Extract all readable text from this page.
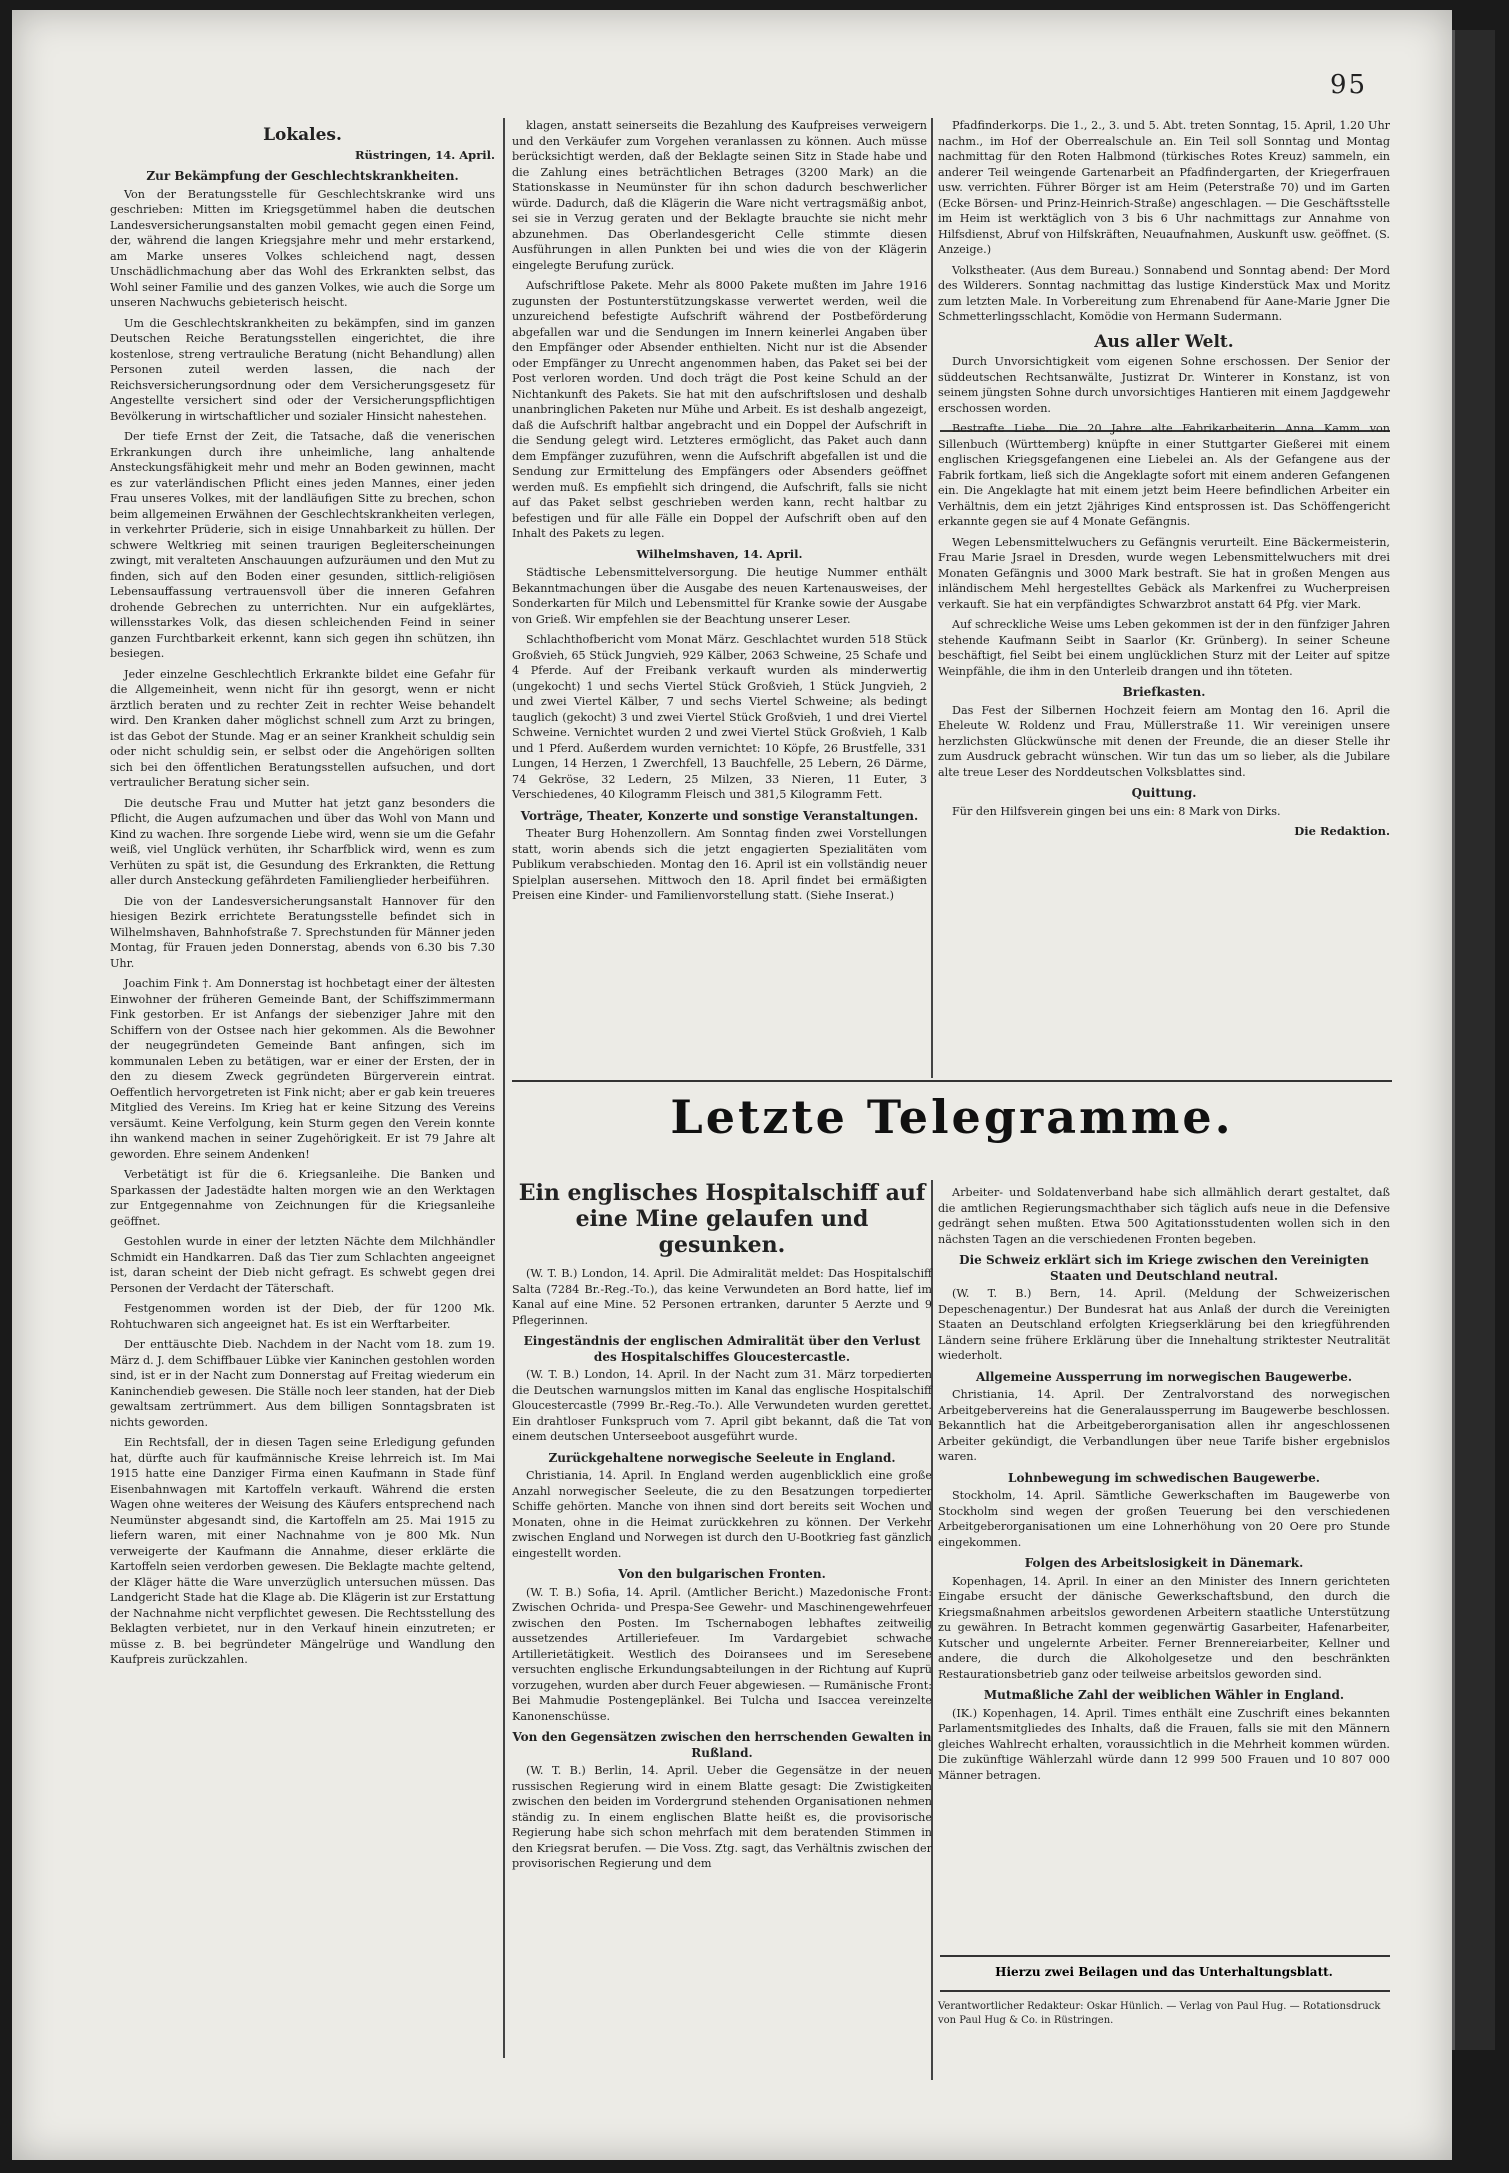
95
Lokales.
Rüstringen, 14. April.
Zur Bekämpfung der Geschlechtskrankheiten.

Von der Beratungsstelle für Geschlechtskranke wird uns geschrieben: Mitten im Kriegsgetümmel haben die deutschen Landesversicherungsanstalten mobil gemacht gegen einen Feind, der, während die langen Kriegsjahre mehr und mehr erstarkend, am Marke unseres Volkes schleichend nagt, dessen Unschädlichmachung aber das Wohl des Erkrankten selbst, das Wohl seiner Familie und des ganzen Volkes, wie auch die Sorge um unseren Nachwuchs gebieterisch heischt.

Um die Geschlechtskrankheiten zu bekämpfen, sind im ganzen Deutschen Reiche Beratungsstellen eingerichtet, die ihre kostenlose, streng vertrauliche Beratung (nicht Behandlung) allen Personen zuteil werden lassen, die nach der Reichsversicherungsordnung oder dem Versicherungsgesetz für Angestellte versichert sind oder der Versicherungspflichtigen Bevölkerung in wirtschaftlicher und sozialer Hinsicht nahestehen.

Der tiefe Ernst der Zeit, die Tatsache, daß die venerischen Erkrankungen durch ihre unheimliche, lang anhaltende Ansteckungsfähigkeit mehr und mehr an Boden gewinnen, macht es zur vaterländischen Pflicht eines jeden Mannes, einer jeden Frau unseres Volkes, mit der landläufigen Sitte zu brechen, schon beim allgemeinen Erwähnen der Geschlechtskrankheiten verlegen, in verkehrter Prüderie, sich in eisige Unnahbarkeit zu hüllen. Der schwere Weltkrieg mit seinen traurigen Begleiterscheinungen zwingt, mit veralteten Anschauungen aufzuräumen und den Mut zu finden, sich auf den Boden einer gesunden, sittlich-religiösen Lebensauffassung vertrauensvoll über die inneren Gefahren drohende Gebrechen zu unterrichten. Nur ein aufgeklärtes, willensstarkes Volk, das diesen schleichenden Feind in seiner ganzen Furchtbarkeit erkennt, kann sich gegen ihn schützen, ihn besiegen.

Jeder einzelne Geschlechtlich Erkrankte bildet eine Gefahr für die Allgemeinheit, wenn nicht für ihn gesorgt, wenn er nicht ärztlich beraten und zu rechter Zeit in rechter Weise behandelt wird. Den Kranken daher möglichst schnell zum Arzt zu bringen, ist das Gebot der Stunde. Mag er an seiner Krankheit schuldig sein oder nicht schuldig sein, er selbst oder die Angehörigen sollten sich bei den öffentlichen Beratungsstellen aufsuchen, und dort vertraulicher Beratung sicher sein.

Die deutsche Frau und Mutter hat jetzt ganz besonders die Pflicht, die Augen aufzumachen und über das Wohl von Mann und Kind zu wachen. Ihre sorgende Liebe wird, wenn sie um die Gefahr weiß, viel Unglück verhüten, ihr Scharfblick wird, wenn es zum Verhüten zu spät ist, die Gesundung des Erkrankten, die Rettung aller durch Ansteckung gefährdeten Familienglieder herbeiführen.

Die von der Landesversicherungsanstalt Hannover für den hiesigen Bezirk errichtete Beratungsstelle befindet sich in Wilhelmshaven, Bahnhofstraße 7. Sprechstunden für Männer jeden Montag, für Frauen jeden Donnerstag, abends von 6.30 bis 7.30 Uhr.

Joachim Fink †. Am Donnerstag ist hochbetagt einer der ältesten Einwohner der früheren Gemeinde Bant, der Schiffszimmermann Fink gestorben. Er ist Anfangs der siebenziger Jahre mit den Schiffern von der Ostsee nach hier gekommen. Als die Bewohner der neugegründeten Gemeinde Bant anfingen, sich im kommunalen Leben zu betätigen, war er einer der Ersten, der in den zu diesem Zweck gegründeten Bürgerverein eintrat. Oeffentlich hervorgetreten ist Fink nicht; aber er gab kein treueres Mitglied des Vereins. Im Krieg hat er keine Sitzung des Vereins versäumt. Keine Verfolgung, kein Sturm gegen den Verein konnte ihn wankend machen in seiner Zugehörigkeit. Er ist 79 Jahre alt geworden. Ehre seinem Andenken!

Verbetätigt ist für die 6. Kriegsanleihe. Die Banken und Sparkassen der Jadestädte halten morgen wie an den Werktagen zur Entgegennahme von Zeichnungen für die Kriegsanleihe geöffnet.

Gestohlen wurde in einer der letzten Nächte dem Milchhändler Schmidt ein Handkarren. Daß das Tier zum Schlachten angeeignet ist, daran scheint der Dieb nicht gefragt. Es schwebt gegen drei Personen der Verdacht der Täterschaft.

Festgenommen worden ist der Dieb, der für 1200 Mk. Rohtuchwaren sich angeeignet hat. Es ist ein Werftarbeiter.

Der enttäuschte Dieb. Nachdem in der Nacht vom 18. zum 19. März d. J. dem Schiffbauer Lübke vier Kaninchen gestohlen worden sind, ist er in der Nacht zum Donnerstag auf Freitag wiederum ein Kaninchendieb gewesen. Die Ställe noch leer standen, hat der Dieb gewaltsam zertrümmert. Aus dem billigen Sonntagsbraten ist nichts geworden.

Ein Rechtsfall, der in diesen Tagen seine Erledigung gefunden hat, dürfte auch für kaufmännische Kreise lehrreich ist. Im Mai 1915 hatte eine Danziger Firma einen Kaufmann in Stade fünf Eisenbahnwagen mit Kartoffeln verkauft. Während die ersten Wagen ohne weiteres der Weisung des Käufers entsprechend nach Neumünster abgesandt sind, die Kartoffeln am 25. Mai 1915 zu liefern waren, mit einer Nachnahme von je 800 Mk. Nun verweigerte der Kaufmann die Annahme, dieser erklärte die Kartoffeln seien verdorben gewesen. Die Beklagte machte geltend, der Kläger hätte die Ware unverzüglich untersuchen müssen. Das Landgericht Stade hat die Klage ab. Die Klägerin ist zur Erstattung der Nachnahme nicht verpflichtet gewesen. Die Rechtsstellung des Beklagten verbietet, nur in den Verkauf hinein einzutreten; er müsse z. B. bei begründeter Mängelrüge und Wandlung den Kaufpreis zurückzahlen.

klagen, anstatt seinerseits die Bezahlung des Kaufpreises verweigern und den Verkäufer zum Vorgehen veranlassen zu können. Auch müsse berücksichtigt werden, daß der Beklagte seinen Sitz in Stade habe und die Zahlung eines beträchtlichen Betrages (3200 Mark) an die Stationskasse in Neumünster für ihn schon dadurch beschwerlicher würde. Dadurch, daß die Klägerin die Ware nicht vertragsmäßig anbot, sei sie in Verzug geraten und der Beklagte brauchte sie nicht mehr abzunehmen. Das Oberlandesgericht Celle stimmte diesen Ausführungen in allen Punkten bei und wies die von der Klägerin eingelegte Berufung zurück.

Aufschriftlose Pakete. Mehr als 8000 Pakete mußten im Jahre 1916 zugunsten der Postunterstützungskasse verwertet werden, weil die unzureichend befestigte Aufschrift während der Postbeförderung abgefallen war und die Sendungen im Innern keinerlei Angaben über den Empfänger oder Absender enthielten. Nicht nur ist die Absender oder Empfänger zu Unrecht angenommen haben, das Paket sei bei der Post verloren worden. Und doch trägt die Post keine Schuld an der Nichtankunft des Pakets. Sie hat mit den aufschriftslosen und deshalb unanbringlichen Paketen nur Mühe und Arbeit. Es ist deshalb angezeigt, daß die Aufschrift haltbar angebracht und ein Doppel der Aufschrift in die Sendung gelegt wird. Letzteres ermöglicht, das Paket auch dann dem Empfänger zuzuführen, wenn die Aufschrift abgefallen ist und die Sendung zur Ermittelung des Empfängers oder Absenders geöffnet werden muß. Es empfiehlt sich dringend, die Aufschrift, falls sie nicht auf das Paket selbst geschrieben werden kann, recht haltbar zu befestigen und für alle Fälle ein Doppel der Aufschrift oben auf den Inhalt des Pakets zu legen.

Wilhelmshaven, 14. April.

Städtische Lebensmittelversorgung. Die heutige Nummer enthält Bekanntmachungen über die Ausgabe des neuen Kartenausweises, der Sonderkarten für Milch und Lebensmittel für Kranke sowie der Ausgabe von Grieß. Wir empfehlen sie der Beachtung unserer Leser.

Schlachthofbericht vom Monat März. Geschlachtet wurden 518 Stück Großvieh, 65 Stück Jungvieh, 929 Kälber, 2063 Schweine, 25 Schafe und 4 Pferde. Auf der Freibank verkauft wurden als minderwertig (ungekocht) 1 und sechs Viertel Stück Großvieh, 1 Stück Jungvieh, 2 und zwei Viertel Kälber, 7 und sechs Viertel Schweine; als bedingt tauglich (gekocht) 3 und zwei Viertel Stück Großvieh, 1 und drei Viertel Schweine. Vernichtet wurden 2 und zwei Viertel Stück Großvieh, 1 Kalb und 1 Pferd. Außerdem wurden vernichtet: 10 Köpfe, 26 Brustfelle, 331 Lungen, 14 Herzen, 1 Zwerchfell, 13 Bauchfelle, 25 Lebern, 26 Därme, 74 Gekröse, 32 Ledern, 25 Milzen, 33 Nieren, 11 Euter, 3 Verschiedenes, 40 Kilogramm Fleisch und 381,5 Kilogramm Fett.

Vorträge, Theater, Konzerte und sonstige Veranstaltungen.

Theater Burg Hohenzollern. Am Sonntag finden zwei Vorstellungen statt, worin abends sich die jetzt engagierten Spezialitäten vom Publikum verabschieden. Montag den 16. April ist ein vollständig neuer Spielplan ausersehen. Mittwoch den 18. April findet bei ermäßigten Preisen eine Kinder- und Familienvorstellung statt. (Siehe Inserat.)

Pfadfinderkorps. Die 1., 2., 3. und 5. Abt. treten Sonntag, 15. April, 1.20 Uhr nachm., im Hof der Oberrealschule an. Ein Teil soll Sonntag und Montag nachmittag für den Roten Halbmond (türkisches Rotes Kreuz) sammeln, ein anderer Teil weingende Gartenarbeit an Pfadfindergarten, der Kriegerfrauen usw. verrichten. Führer Börger ist am Heim (Peterstraße 70) und im Garten (Ecke Börsen- und Prinz-Heinrich-Straße) angeschlagen. — Die Geschäftsstelle im Heim ist werktäglich von 3 bis 6 Uhr nachmittags zur Annahme von Hilfsdienst, Abruf von Hilfskräften, Neuaufnahmen, Auskunft usw. geöffnet. (S. Anzeige.)

Volkstheater. (Aus dem Bureau.) Sonnabend und Sonntag abend: Der Mord des Wilderers. Sonntag nachmittag das lustige Kinderstück Max und Moritz zum letzten Male. In Vorbereitung zum Ehrenabend für Aane-Marie Jgner Die Schmetterlingsschlacht, Komödie von Hermann Sudermann.

Aus aller Welt.

Durch Unvorsichtigkeit vom eigenen Sohne erschossen. Der Senior der süddeutschen Rechtsanwälte, Justizrat Dr. Winterer in Konstanz, ist von seinem jüngsten Sohne durch unvorsichtiges Hantieren mit einem Jagdgewehr erschossen worden.

Bestrafte Liebe. Die 20 Jahre alte Fabrikarbeiterin Anna Kamm von Sillenbuch (Württemberg) knüpfte in einer Stuttgarter Gießerei mit einem englischen Kriegsgefangenen eine Liebelei an. Als der Gefangene aus der Fabrik fortkam, ließ sich die Angeklagte sofort mit einem anderen Gefangenen ein. Die Angeklagte hat mit einem jetzt beim Heere befindlichen Arbeiter ein Verhältnis, dem ein jetzt 2jähriges Kind entsprossen ist. Das Schöffengericht erkannte gegen sie auf 4 Monate Gefängnis.

Wegen Lebensmittelwuchers zu Gefängnis verurteilt. Eine Bäckermeisterin, Frau Marie Jsrael in Dresden, wurde wegen Lebensmittelwuchers mit drei Monaten Gefängnis und 3000 Mark bestraft. Sie hat in großen Mengen aus inländischem Mehl hergestelltes Gebäck als Markenfrei zu Wucherpreisen verkauft. Sie hat ein verpfändigtes Schwarzbrot anstatt 64 Pfg. vier Mark.

Auf schreckliche Weise ums Leben gekommen ist der in den fünfziger Jahren stehende Kaufmann Seibt in Saarlor (Kr. Grünberg). In seiner Scheune beschäftigt, fiel Seibt bei einem unglücklichen Sturz mit der Leiter auf spitze Weinpfähle, die ihm in den Unterleib drangen und ihn töteten.

Briefkasten.

Das Fest der Silbernen Hochzeit feiern am Montag den 16. April die Eheleute W. Roldenz und Frau, Müllerstraße 11. Wir vereinigen unsere herzlichsten Glückwünsche mit denen der Freunde, die an dieser Stelle ihr zum Ausdruck gebracht wünschen. Wir tun das um so lieber, als die Jubilare alte treue Leser des Norddeutschen Volksblattes sind.

Quittung.

Für den Hilfsverein gingen bei uns ein: 8 Mark von Dirks.

Die Redaktion.
Letzte Telegramme.
Ein englisches Hospitalschiff auf eine Mine gelaufen und gesunken.

(W. T. B.) London, 14. April. Die Admiralität meldet: Das Hospitalschiff Salta (7284 Br.-Reg.-To.), das keine Verwundeten an Bord hatte, lief im Kanal auf eine Mine. 52 Personen ertranken, darunter 5 Aerzte und 9 Pflegerinnen.

Eingeständnis der englischen Admiralität über den Verlust des Hospitalschiffes Gloucestercastle.

(W. T. B.) London, 14. April. In der Nacht zum 31. März torpedierten die Deutschen warnungslos mitten im Kanal das englische Hospitalschiff Gloucestercastle (7999 Br.-Reg.-To.). Alle Verwundeten wurden gerettet. Ein drahtloser Funkspruch vom 7. April gibt bekannt, daß die Tat von einem deutschen Unterseeboot ausgeführt wurde.

Zurückgehaltene norwegische Seeleute in England.

Christiania, 14. April. In England werden augenblicklich eine große Anzahl norwegischer Seeleute, die zu den Besatzungen torpedierter Schiffe gehörten. Manche von ihnen sind dort bereits seit Wochen und Monaten, ohne in die Heimat zurückkehren zu können. Der Verkehr zwischen England und Norwegen ist durch den U-Bootkrieg fast gänzlich eingestellt worden.

Von den bulgarischen Fronten.

(W. T. B.) Sofia, 14. April. (Amtlicher Bericht.) Mazedonische Front: Zwischen Ochrida- und Prespa-See Gewehr- und Maschinengewehrfeuer zwischen den Posten. Im Tschernabogen lebhaftes zeitweilig aussetzendes Artilleriefeuer. Im Vardargebiet schwache Artillerietätigkeit. Westlich des Doiransees und im Seresebene versuchten englische Erkundungsabteilungen in der Richtung auf Kuprü vorzugehen, wurden aber durch Feuer abgewiesen. — Rumänische Front: Bei Mahmudie Postengeplänkel. Bei Tulcha und Isaccea vereinzelte Kanonenschüsse.

Von den Gegensätzen zwischen den herrschenden Gewalten in Rußland.

(W. T. B.) Berlin, 14. April. Ueber die Gegensätze in der neuen russischen Regierung wird in einem Blatte gesagt: Die Zwistigkeiten zwischen den beiden im Vordergrund stehenden Organisationen nehmen ständig zu. In einem englischen Blatte heißt es, die provisorische Regierung habe sich schon mehrfach mit dem beratenden Stimmen in den Kriegsrat berufen. — Die Voss. Ztg. sagt, das Verhältnis zwischen der provisorischen Regierung und dem

Arbeiter- und Soldatenverband habe sich allmählich derart gestaltet, daß die amtlichen Regierungsmachthaber sich täglich aufs neue in die Defensive gedrängt sehen mußten. Etwa 500 Agitationsstudenten wollen sich in den nächsten Tagen an die verschiedenen Fronten begeben.

Die Schweiz erklärt sich im Kriege zwischen den Vereinigten Staaten und Deutschland neutral.

(W. T. B.) Bern, 14. April. (Meldung der Schweizerischen Depeschenagentur.) Der Bundesrat hat aus Anlaß der durch die Vereinigten Staaten an Deutschland erfolgten Kriegserklärung bei den kriegführenden Ländern seine frühere Erklärung über die Innehaltung striktester Neutralität wiederholt.

Allgemeine Aussperrung im norwegischen Baugewerbe.

Christiania, 14. April. Der Zentralvorstand des norwegischen Arbeitgebervereins hat die Generalaussperrung im Baugewerbe beschlossen. Bekanntlich hat die Arbeitgeberorganisation allen ihr angeschlossenen Arbeiter gekündigt, die Verbandlungen über neue Tarife bisher ergebnislos waren.

Lohnbewegung im schwedischen Baugewerbe.

Stockholm, 14. April. Sämtliche Gewerkschaften im Baugewerbe von Stockholm sind wegen der großen Teuerung bei den verschiedenen Arbeitgeberorganisationen um eine Lohnerhöhung von 20 Oere pro Stunde eingekommen.

Folgen des Arbeitslosigkeit in Dänemark.

Kopenhagen, 14. April. In einer an den Minister des Innern gerichteten Eingabe ersucht der dänische Gewerkschaftsbund, den durch die Kriegsmaßnahmen arbeitslos gewordenen Arbeitern staatliche Unterstützung zu gewähren. In Betracht kommen gegenwärtig Gasarbeiter, Hafenarbeiter, Kutscher und ungelernte Arbeiter. Ferner Brennereiarbeiter, Kellner und andere, die durch die Alkoholgesetze und den beschränkten Restaurationsbetrieb ganz oder teilweise arbeitslos geworden sind.

Mutmaßliche Zahl der weiblichen Wähler in England.

(IK.) Kopenhagen, 14. April. Times enthält eine Zuschrift eines bekannten Parlamentsmitgliedes des Inhalts, daß die Frauen, falls sie mit den Männern gleiches Wahlrecht erhalten, voraussichtlich in die Mehrheit kommen würden. Die zukünftige Wählerzahl würde dann 12 999 500 Frauen und 10 807 000 Männer betragen.

Hierzu zwei Beilagen und das Unterhaltungsblatt.
Verantwortlicher Redakteur: Oskar Hünlich. — Verlag von Paul Hug. — Rotationsdruck von Paul Hug & Co. in Rüstringen.
